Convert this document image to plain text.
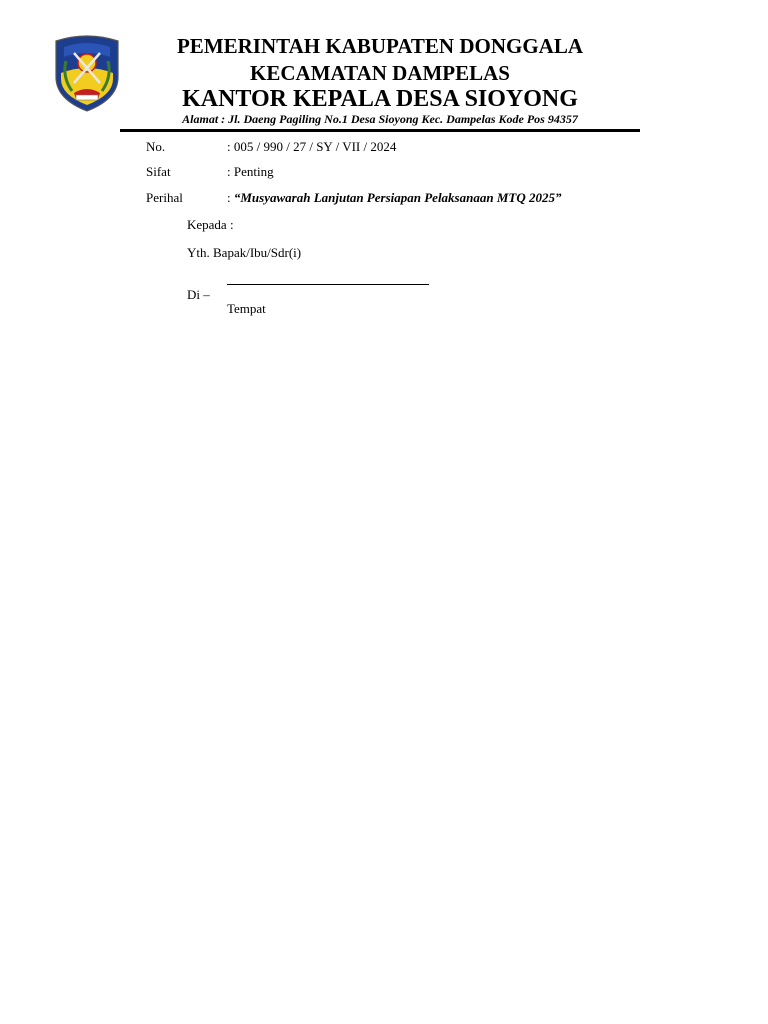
PEMERINTAH KABUPATEN DONGGALA
KECAMATAN DAMPELAS
KANTOR KEPALA DESA SIOYONG
Alamat : Jl. Daeng Pagiling No.1 Desa Sioyong Kec. Dampelas Kode Pos 94357
No.	: 005 / 990 / 27 / SY / VII / 2024
Sifat	: Penting
Perihal	: “Musyawarah Lanjutan Persiapan Pelaksanaan MTQ 2025”
Kepada :
Yth. Bapak/Ibu/Sdr(i)
Di –
Tempat
